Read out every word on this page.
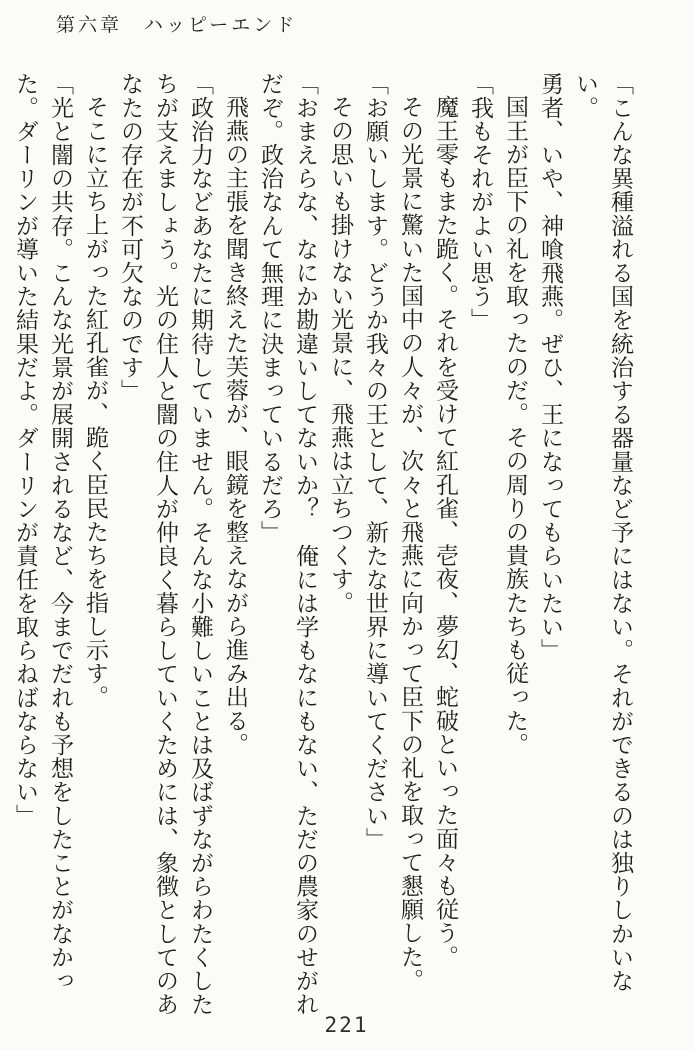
第六章　ハッピーエンド

「こんな異種溢れる国を統治する器量など予にはない。それができるのは独りしかいない。

勇者、いや、神喰飛燕。ぜひ、王になってもらいたい」

国王が臣下の礼を取ったのだ。その周りの貴族たちも従った。

「我もそれがよい思う」

魔王零もまた跪く。それを受けて紅孔雀、壱夜、夢幻、蛇破といった面々も従う。

その光景に驚いた国中の人々が、次々と飛燕に向かって臣下の礼を取って懇願した。

「お願いします。どうか我々の王として、新たな世界に導いてください」

その思いも掛けない光景に、飛燕は立ちつくす。

「おまえらな、なにか勘違いしてないか？　俺には学もなにもない、ただの農家のせがれだぞ。政治なんて無理に決まっているだろ」

飛燕の主張を聞き終えた芙蓉が、眼鏡を整えながら進み出る。

「政治力などあなたに期待していません。そんな小難しいことは及ばずながらわたくしたちが支えましょう。光の住人と闇の住人が仲良く暮らしていくためには、象徴としてのあなたの存在が不可欠なのです」

そこに立ち上がった紅孔雀が、跪く臣民たちを指し示す。

「光と闇の共存。こんな光景が展開されるなど、今までだれも予想をしたことがなかった。ダーリンが導いた結果だよ。ダーリンが責任を取らねばならない」

221
